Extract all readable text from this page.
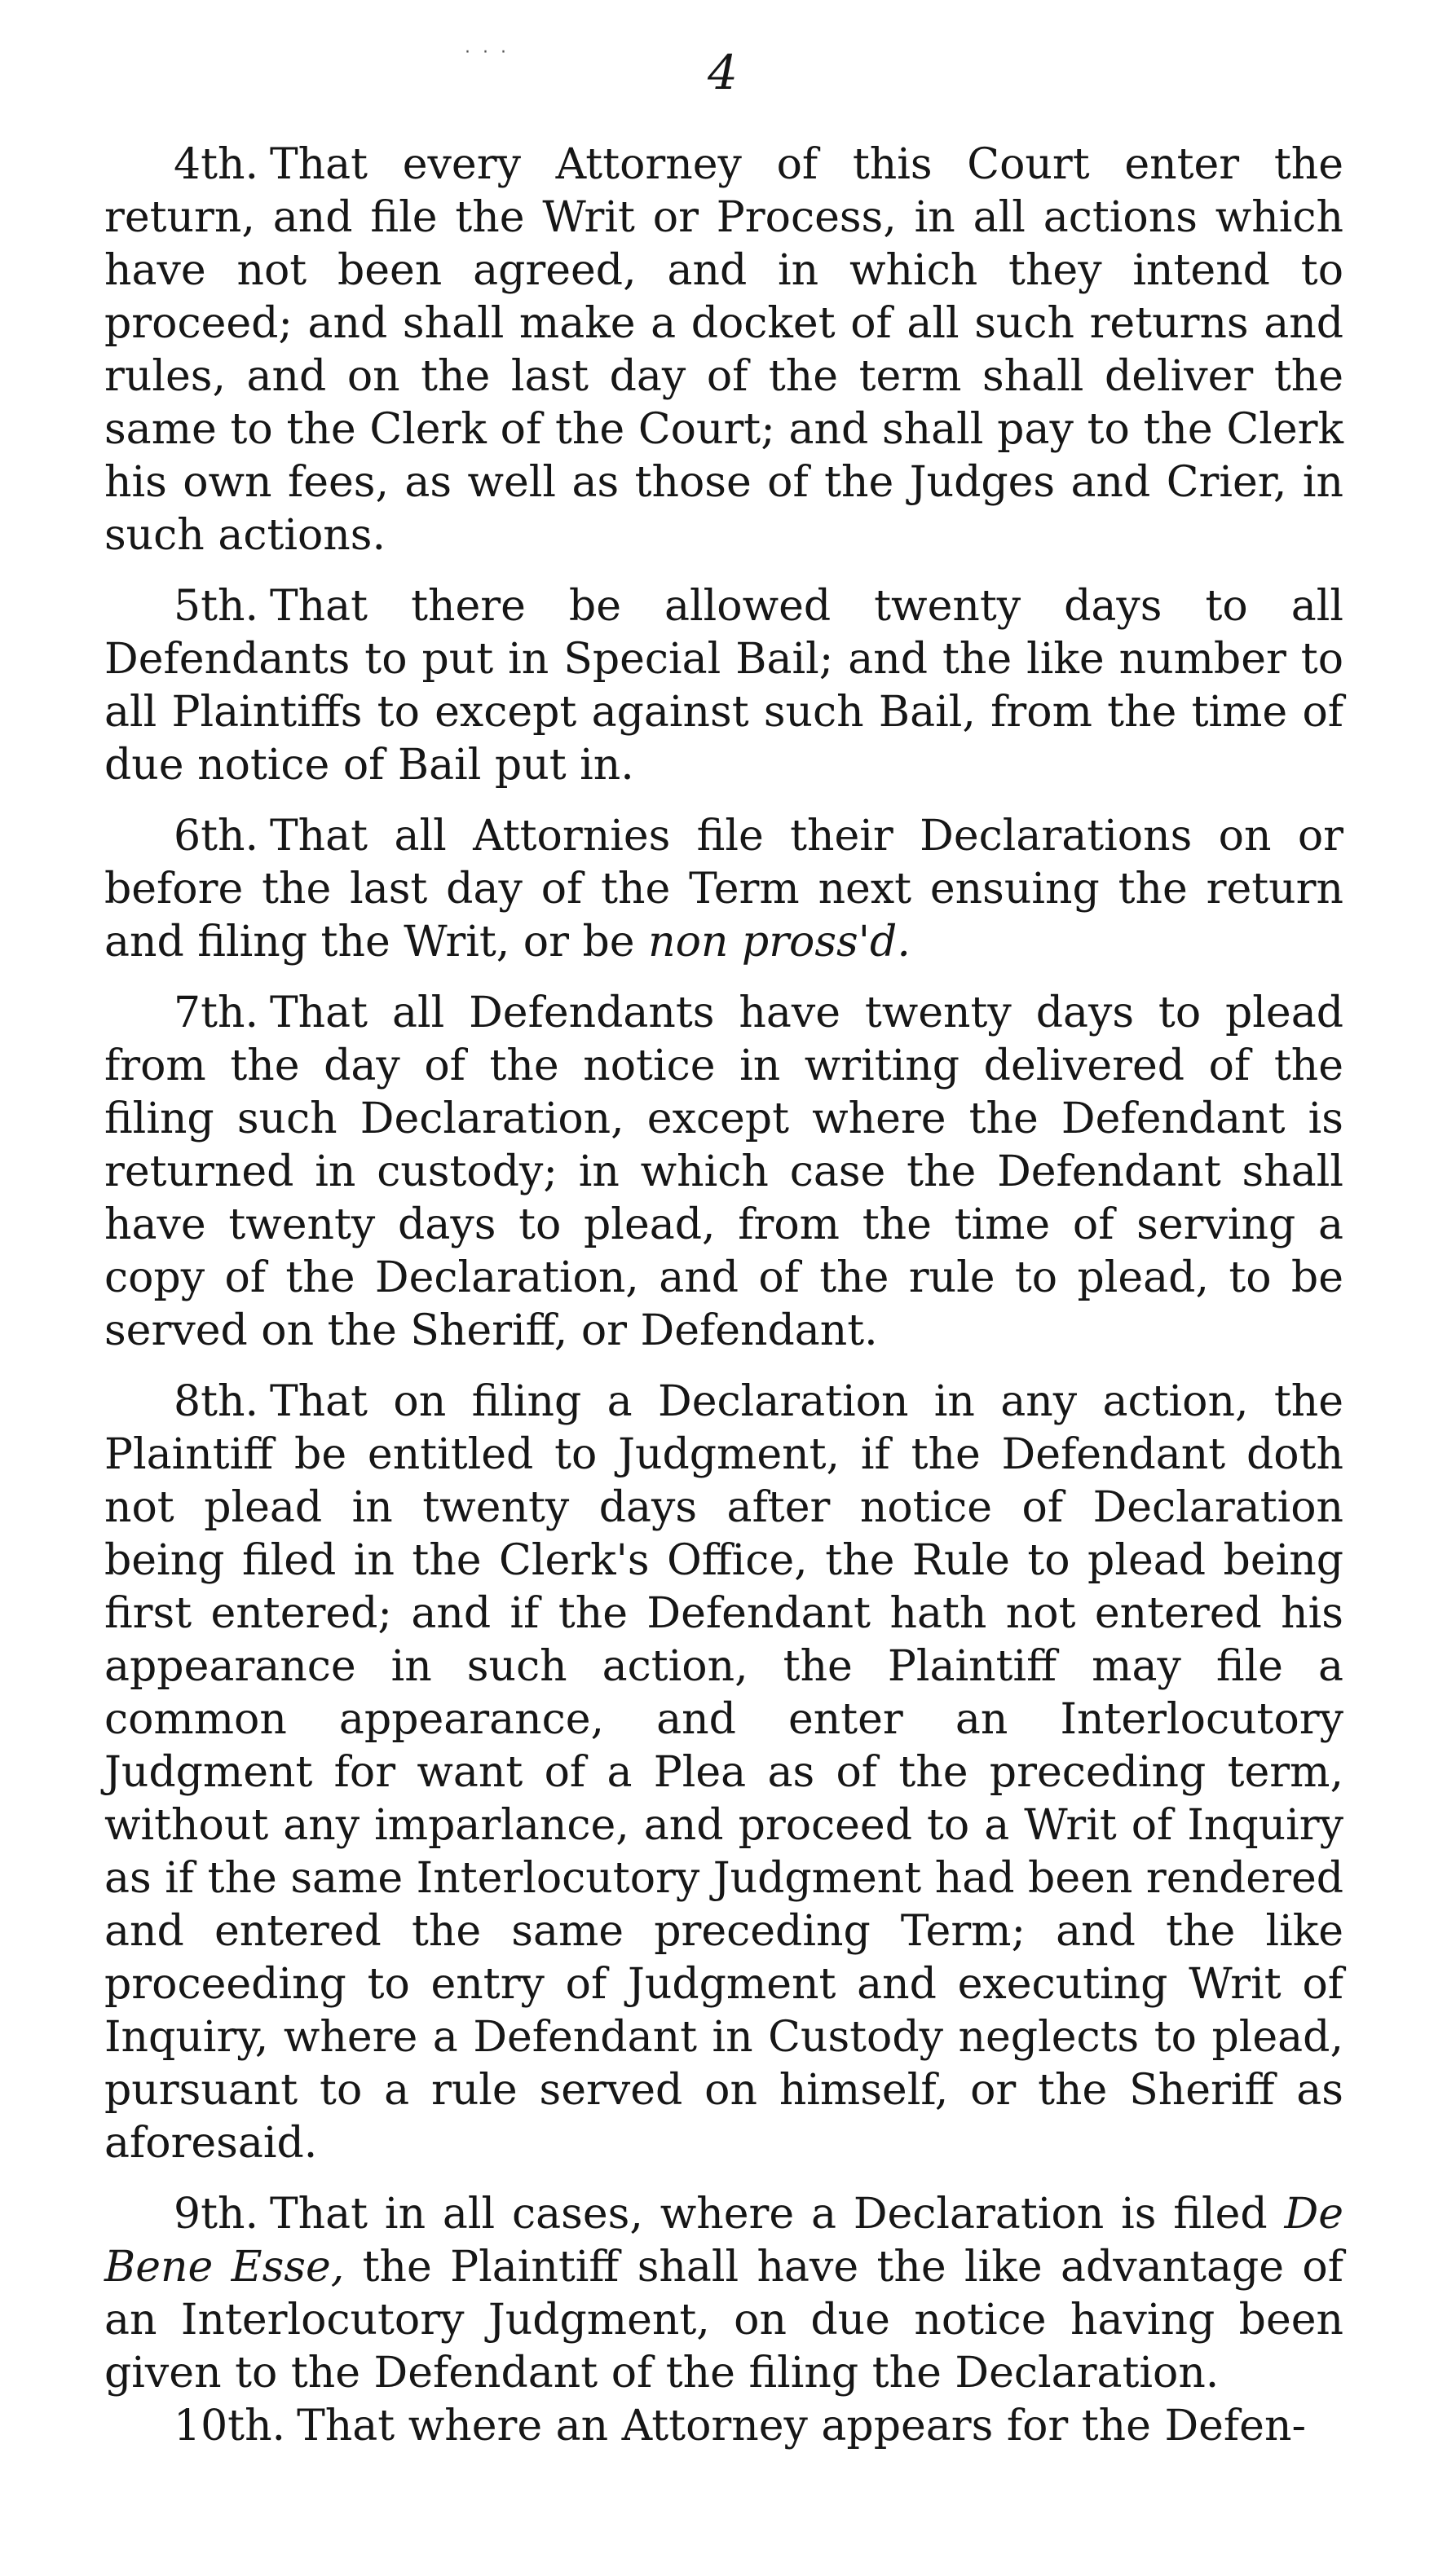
· · ·	4

4th. That every Attorney of this Court enter the return, and file the Writ or Process, in all actions which have not been agreed, and in which they intend to proceed; and shall make a docket of all such returns and rules, and on the last day of the term shall deliver the same to the Clerk of the Court; and shall pay to the Clerk his own fees, as well as those of the Judges and Crier, in such actions.

5th. That there be allowed twenty days to all Defendants to put in Special Bail; and the like number to all Plaintiffs to except against such Bail, from the time of due notice of Bail put in.

6th. That all Attornies file their Declarations on or before the last day of the Term next ensuing the return and filing the Writ, or be non pross'd.

7th. That all Defendants have twenty days to plead from the day of the notice in writing delivered of the filing such Declaration, except where the Defendant is returned in custody; in which case the Defendant shall have twenty days to plead, from the time of serving a copy of the Declaration, and of the rule to plead, to be served on the Sheriff, or Defendant.

8th. That on filing a Declaration in any action, the Plaintiff be entitled to Judgment, if the Defendant doth not plead in twenty days after notice of Declaration being filed in the Clerk's Office, the Rule to plead being first entered; and if the Defendant hath not entered his appearance in such action, the Plaintiff may file a common appearance, and enter an Interlocutory Judgment for want of a Plea as of the preceding term, without any imparlance, and proceed to a Writ of Inquiry as if the same Interlocutory Judgment had been rendered and entered the same preceding Term; and the like proceeding to entry of Judgment and executing Writ of Inquiry, where a Defendant in Custody neglects to plead, pursuant to a rule served on himself, or the Sheriff as aforesaid.

9th. That in all cases, where a Declaration is filed De Bene Esse, the Plaintiff shall have the like advantage of an Interlocutory Judgment, on due notice having been given to the Defendant of the filing the Declaration.

10th. That where an Attorney appears for the Defen-
